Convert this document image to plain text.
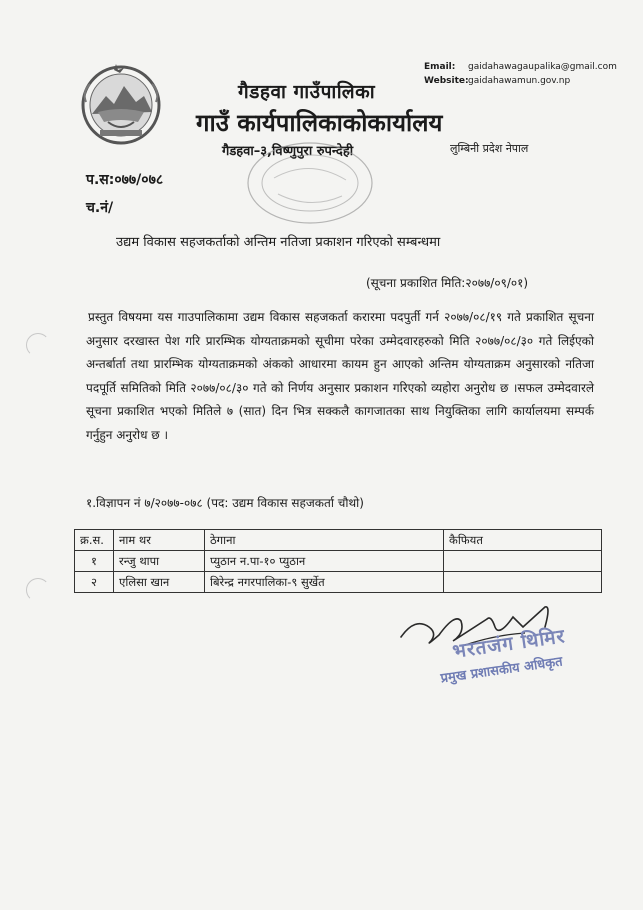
Email: gaidahawagaupalika@gmail.com
Website:gaidahawamun.gov.np
गैडहवा गाउँपालिका
गाउँ कार्यपालिकाकोकार्यालय
गैडहवा–३,विष्णुपुरा रुपन्देही	लुम्बिनी प्रदेश नेपाल
प.स:०७७/०७८
च.नं/
उद्यम विकास सहजकर्ताको अन्तिम नतिजा प्रकाशन गरिएको सम्बन्धमा
(सूचना प्रकाशित मिति:२०७७/०९/०१)
प्रस्तुत विषयमा यस गाउपालिकामा उद्यम विकास सहजकर्ता करारमा पदपुर्ती गर्न २०७७/०८/१९ गते प्रकाशित सूचना अनुसार दरखास्त पेश गरि प्रारम्भिक योग्यताक्रमको सूचीमा परेका उम्मेदवारहरुको मिति २०७७/०८/३० गते लिईएको अन्तर्बार्ता तथा प्रारम्भिक योग्यताक्रमको अंकको आधारमा कायम हुन आएको अन्तिम योग्यताक्रम अनुसारको नतिजा पदपूर्ति समितिको मिति २०७७/०८/३० गते को निर्णय अनुसार प्रकाशन गरिएको व्यहोरा अनुरोध छ ।सफल उम्मेदवारले सूचना प्रकाशित भएको मितिले ७ (सात) दिन भित्र सक्कलै कागजातका साथ नियुक्तिका लागि कार्यालयमा सम्पर्क गर्नुहुन अनुरोध छ ।
१.विज्ञापन नं ७/२०७७-०७८ (पद: उद्यम विकास सहजकर्ता चौथो)
क्र.स.	नाम थर	ठेगाना	कैफियत
१	रन्जु थापा	प्युठान न.पा-१० प्युठान	
२	एलिसा खान	बिरेन्द्र नगरपालिका-९ सुर्खेत	
भरतजंग थिमिर
प्रमुख प्रशासकीय अधिकृत
